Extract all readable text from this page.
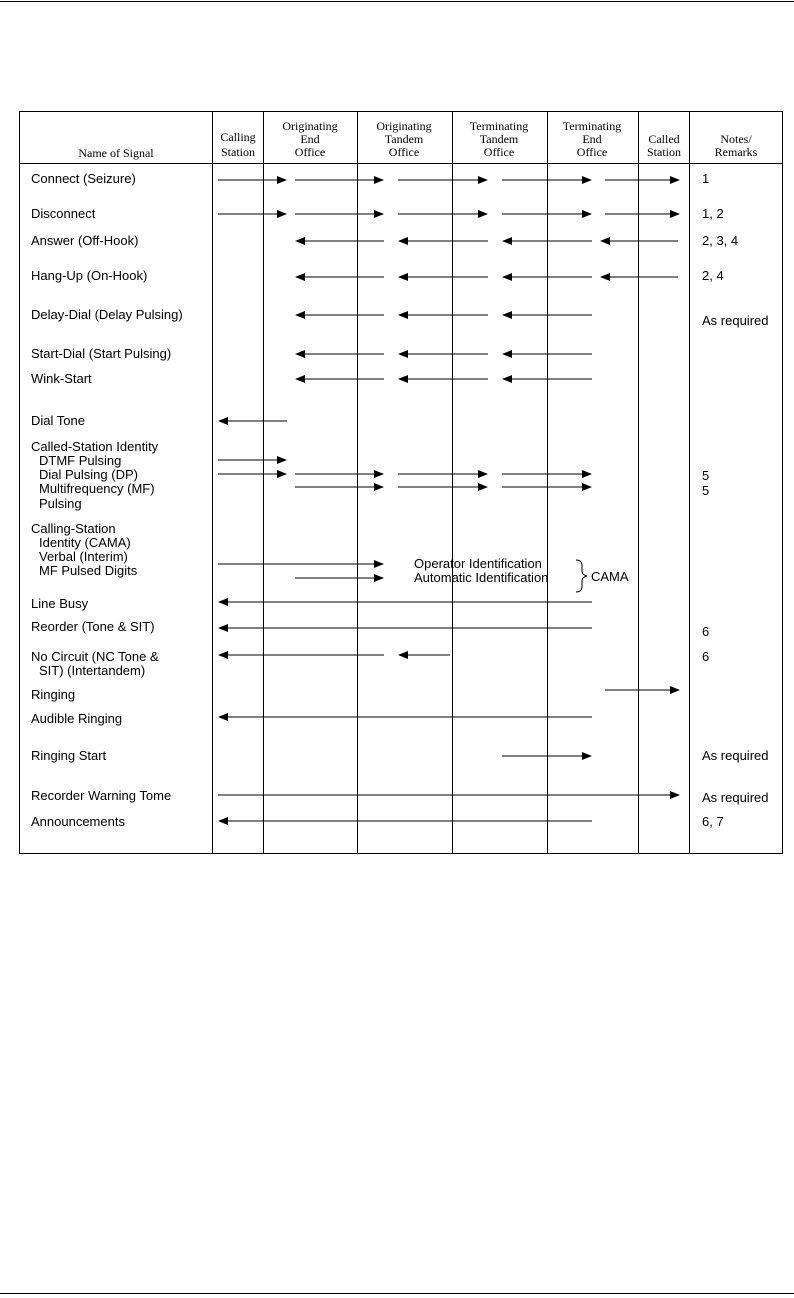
Name of Signal
Calling
Station
Originating
End
Office
Originating
Tandem
Office
Terminating
Tandem
Office
Terminating
End
Office
Called
Station
Notes/
Remarks
Connect (Seizure)
Disconnect
Answer (Off-Hook)
Hang-Up (On-Hook)
Delay-Dial (Delay Pulsing)
Start-Dial (Start Pulsing)
Wink-Start
Dial Tone
Called-Station Identity
DTMF Pulsing
Dial Pulsing (DP)
Multifrequency (MF)
Pulsing
Calling-Station
Identity (CAMA)
Verbal (Interim)
MF Pulsed Digits
Line Busy
Reorder (Tone & SIT)
No Circuit (NC Tone &
SIT) (Intertandem)
Ringing
Audible Ringing
Ringing Start
Recorder Warning Tome
Announcements
1
1, 2
2, 3, 4
2, 4
As required
5
5
6
6
As required
As required
6, 7
Operator Identification
Automatic Identification	CAMA
